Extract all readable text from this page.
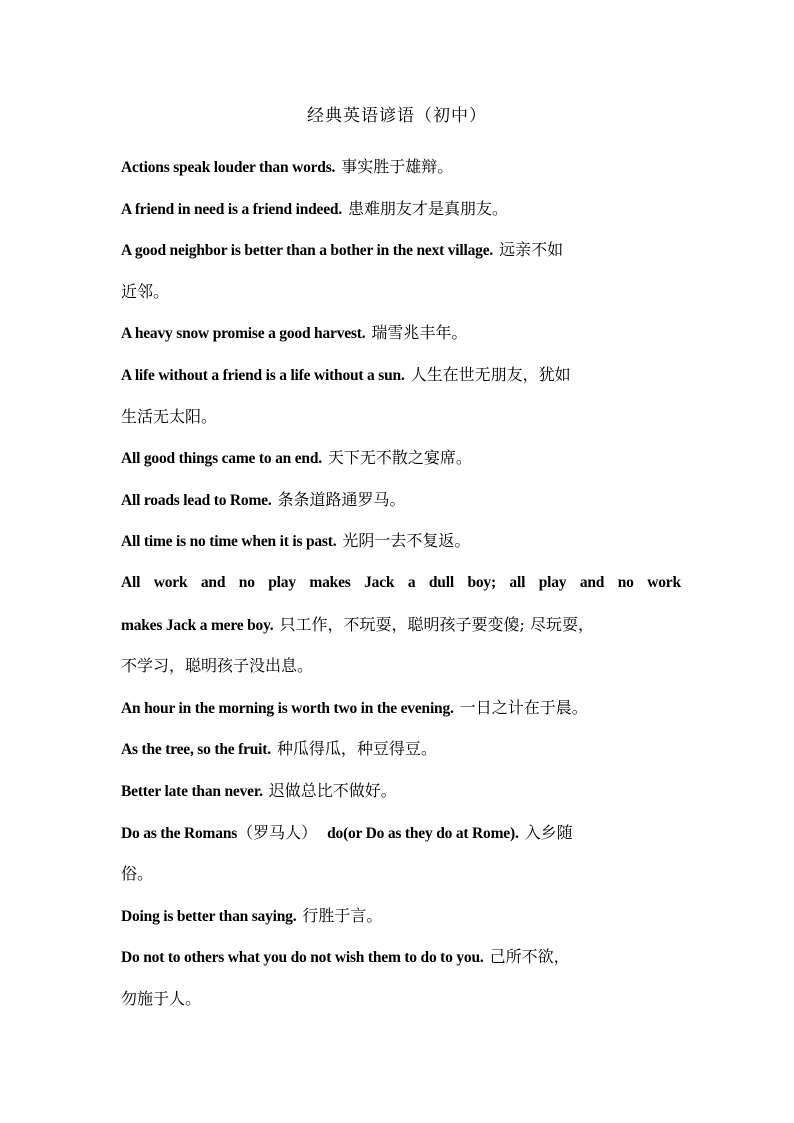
经典英语谚语（初中）
Actions speak louder than words. 事实胜于雄辩。
A friend in need is a friend indeed. 患难朋友才是真朋友。
A good neighbor is better than a bother in the next village. 远亲不如
近邻。
A heavy snow promise a good harvest. 瑞雪兆丰年。
A life without a friend is a life without a sun. 人生在世无朋友，犹如
生活无太阳。
All good things came to an end. 天下无不散之宴席。
All roads lead to Rome. 条条道路通罗马。
All time is no time when it is past. 光阴一去不复返。
All work and no play makes Jack a dull boy; all play and no work
makes Jack a mere boy. 只工作，不玩耍，聪明孩子要变傻; 尽玩耍，
不学习，聪明孩子没出息。
An hour in the morning is worth two in the evening. 一日之计在于晨。
As the tree, so the fruit. 种瓜得瓜，种豆得豆。
Better late than never. 迟做总比不做好。
Do as the Romans（罗马人） do(or Do as they do at Rome). 入乡随
俗。
Doing is better than saying. 行胜于言。
Do not to others what you do not wish them to do to you. 己所不欲，
勿施于人。
